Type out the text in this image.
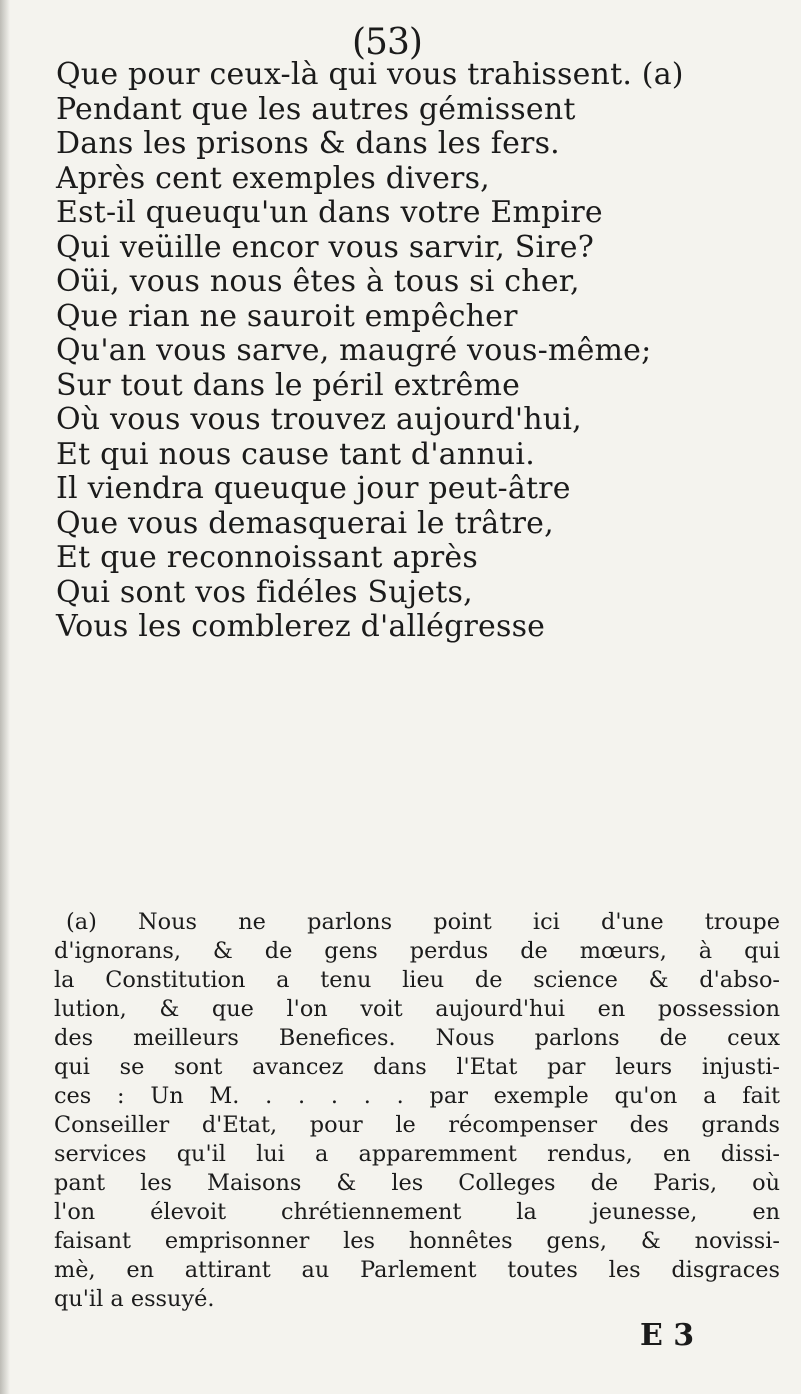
(53)
Que pour ceux-là qui vous trahissent. (a)
Pendant que les autres gémissent
Dans les prisons & dans les fers.
Après cent exemples divers,
Est-il queuqu'un dans votre Empire
Qui veüille encor vous sarvir, Sire?
Oüi, vous nous êtes à tous si cher,
Que rian ne sauroit empêcher
Qu'an vous sarve, maugré vous-même;
Sur tout dans le péril extrême
Où vous vous trouvez aujourd'hui,
Et qui nous cause tant d'annui.
Il viendra queuque jour peut-âtre
Que vous demasquerai le trâtre,
Et que reconnoissant après
Qui sont vos fidéles Sujets,
Vous les comblerez d'allégresse
(a) Nous ne parlons point ici d'une troupe
d'ignorans, & de gens perdus de mœurs, à qui
la Constitution a tenu lieu de science & d'abso-
lution, & que l'on voit aujourd'hui en possession
des meilleurs Benefices. Nous parlons de ceux
qui se sont avancez dans l'Etat par leurs injusti-
ces : Un M. . . . . . par exemple qu'on a fait
Conseiller d'Etat, pour le récompenser des grands
services qu'il lui a apparemment rendus, en dissi-
pant les Maisons & les Colleges de Paris, où
l'on élevoit chrétiennement la jeunesse, en
faisant emprisonner les honnêtes gens, & novissi-
mè, en attirant au Parlement toutes les disgraces
qu'il a essuyé.
E 3
